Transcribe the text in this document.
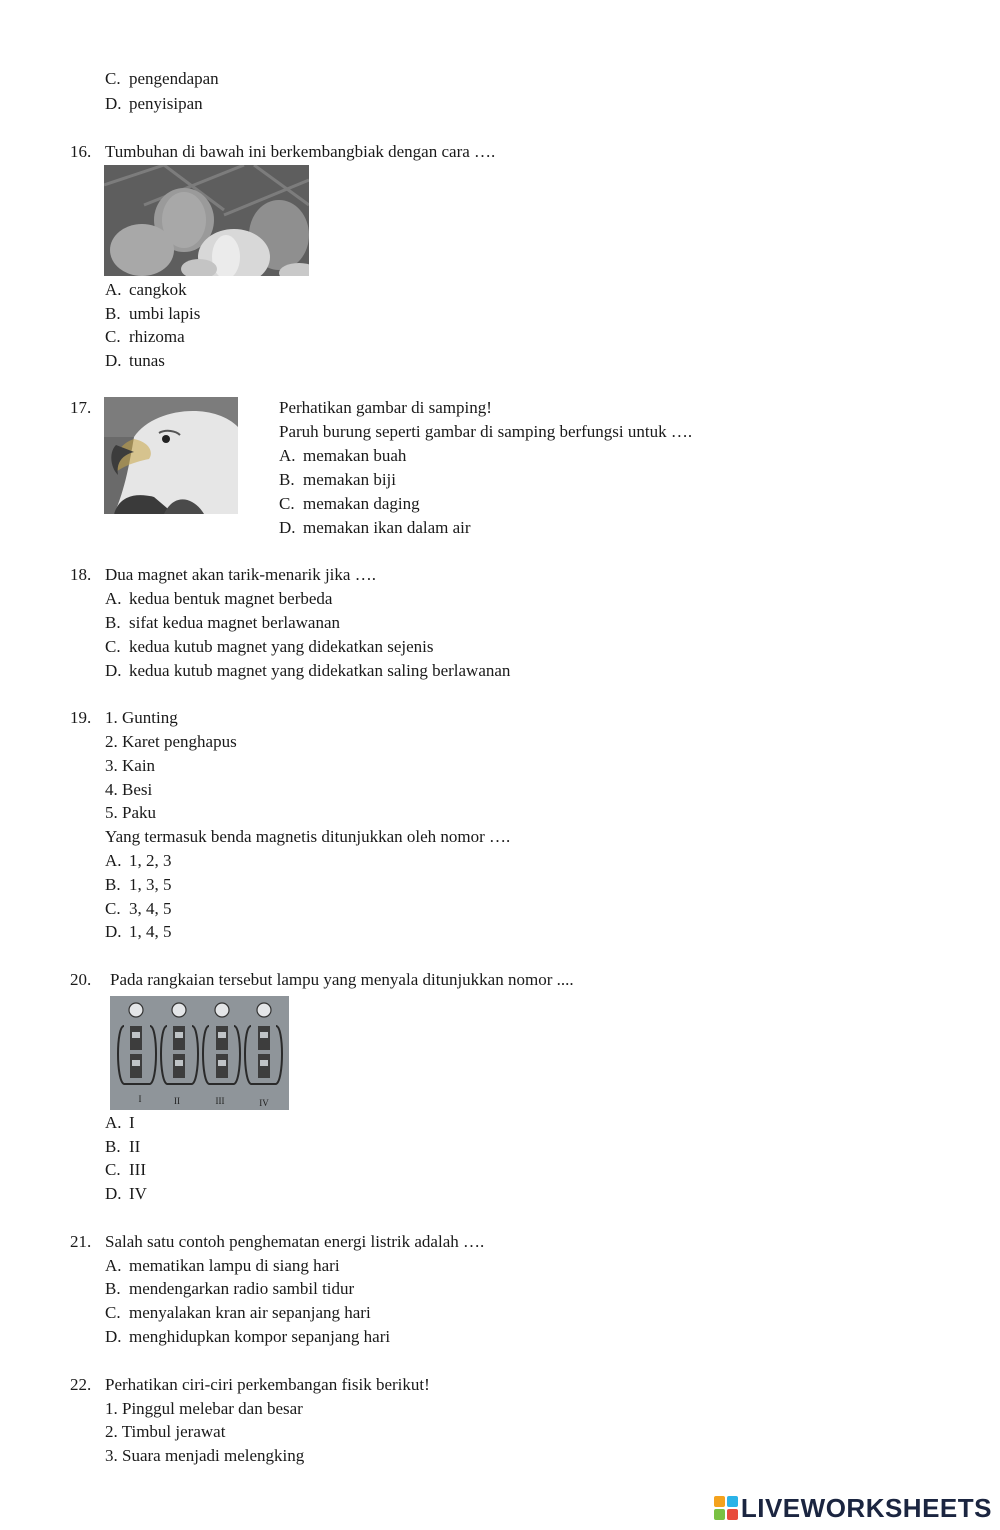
C. pengendapan
D. penyisipan
16. Tumbuhan di bawah ini berkembangbiak dengan cara ….
A. cangkok
B. umbi lapis
C. rhizoma
D. tunas
17.	Perhatikan gambar di samping!
Paruh burung seperti gambar di samping berfungsi untuk ….
A. memakan buah
B. memakan biji
C. memakan daging
D. memakan ikan dalam air
18. Dua magnet akan tarik-menarik jika ….
A. kedua bentuk magnet berbeda
B. sifat kedua magnet berlawanan
C. kedua kutub magnet yang didekatkan sejenis
D. kedua kutub magnet yang didekatkan saling berlawanan
19. 1. Gunting
2. Karet penghapus
3. Kain
4. Besi
5. Paku
Yang termasuk benda magnetis ditunjukkan oleh nomor ….
A. 1, 2, 3
B. 1, 3, 5
C. 3, 4, 5
D. 1, 4, 5
20. Pada rangkaian tersebut lampu yang menyala ditunjukkan nomor ....
I	II	III	IV
A. I
B. II
C. III
D. IV
21. Salah satu contoh penghematan energi listrik adalah ….
A. mematikan lampu di siang hari
B. mendengarkan radio sambil tidur
C. menyalakan kran air sepanjang hari
D. menghidupkan kompor sepanjang hari
22. Perhatikan ciri-ciri perkembangan fisik berikut!
1. Pinggul melebar dan besar
2. Timbul jerawat
3. Suara menjadi melengking
LIVEWORKSHEETS
